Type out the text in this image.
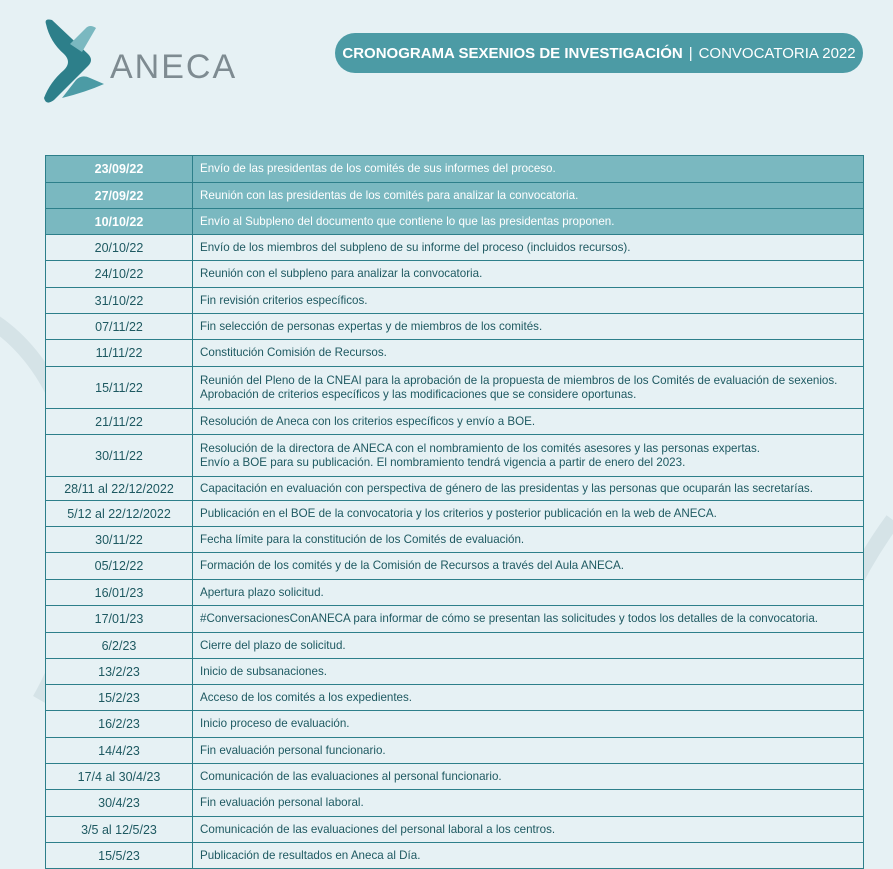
ANECA	CRONOGRAMA SEXENIOS DE INVESTIGACIÓN | CONVOCATORIA 2022
23/09/22	Envío de las presidentas de los comités de sus informes del proceso.
27/09/22	Reunión con las presidentas de los comités para analizar la convocatoria.
10/10/22	Envío al Subpleno del documento que contiene lo que las presidentas proponen.
20/10/22	Envío de los miembros del subpleno de su informe del proceso (incluidos recursos).
24/10/22	Reunión con el subpleno para analizar la convocatoria.
31/10/22	Fin revisión criterios específicos.
07/11/22	Fin selección de personas expertas y de miembros de los comités.
11/11/22	Constitución Comisión de Recursos.
15/11/22	Reunión del Pleno de la CNEAI para la aprobación de la propuesta de miembros de los Comités de evaluación de sexenios.
Aprobación de criterios específicos y las modificaciones que se considere oportunas.
21/11/22	Resolución de Aneca con los criterios específicos y envío a BOE.
30/11/22	Resolución de la directora de ANECA con el nombramiento de los comités asesores y las personas expertas.
Envío a BOE para su publicación. El nombramiento tendrá vigencia a partir de enero del 2023.
28/11 al 22/12/2022	Capacitación en evaluación con perspectiva de género de las presidentas y las personas que ocuparán las secretarías.
5/12 al 22/12/2022	Publicación en el BOE de la convocatoria y los criterios y posterior publicación en la web de ANECA.
30/11/22	Fecha límite para la constitución de los Comités de evaluación.
05/12/22	Formación de los comités y de la Comisión de Recursos a través del Aula ANECA.
16/01/23	Apertura plazo solicitud.
17/01/23	#ConversacionesConANECA para informar de cómo se presentan las solicitudes y todos los detalles de la convocatoria.
6/2/23	Cierre del plazo de solicitud.
13/2/23	Inicio de subsanaciones.
15/2/23	Acceso de los comités a los expedientes.
16/2/23	Inicio proceso de evaluación.
14/4/23	Fin evaluación personal funcionario.
17/4 al 30/4/23	Comunicación de las evaluaciones al personal funcionario.
30/4/23	Fin evaluación personal laboral.
3/5 al 12/5/23	Comunicación de las evaluaciones del personal laboral a los centros.
15/5/23	Publicación de resultados en Aneca al Día.
